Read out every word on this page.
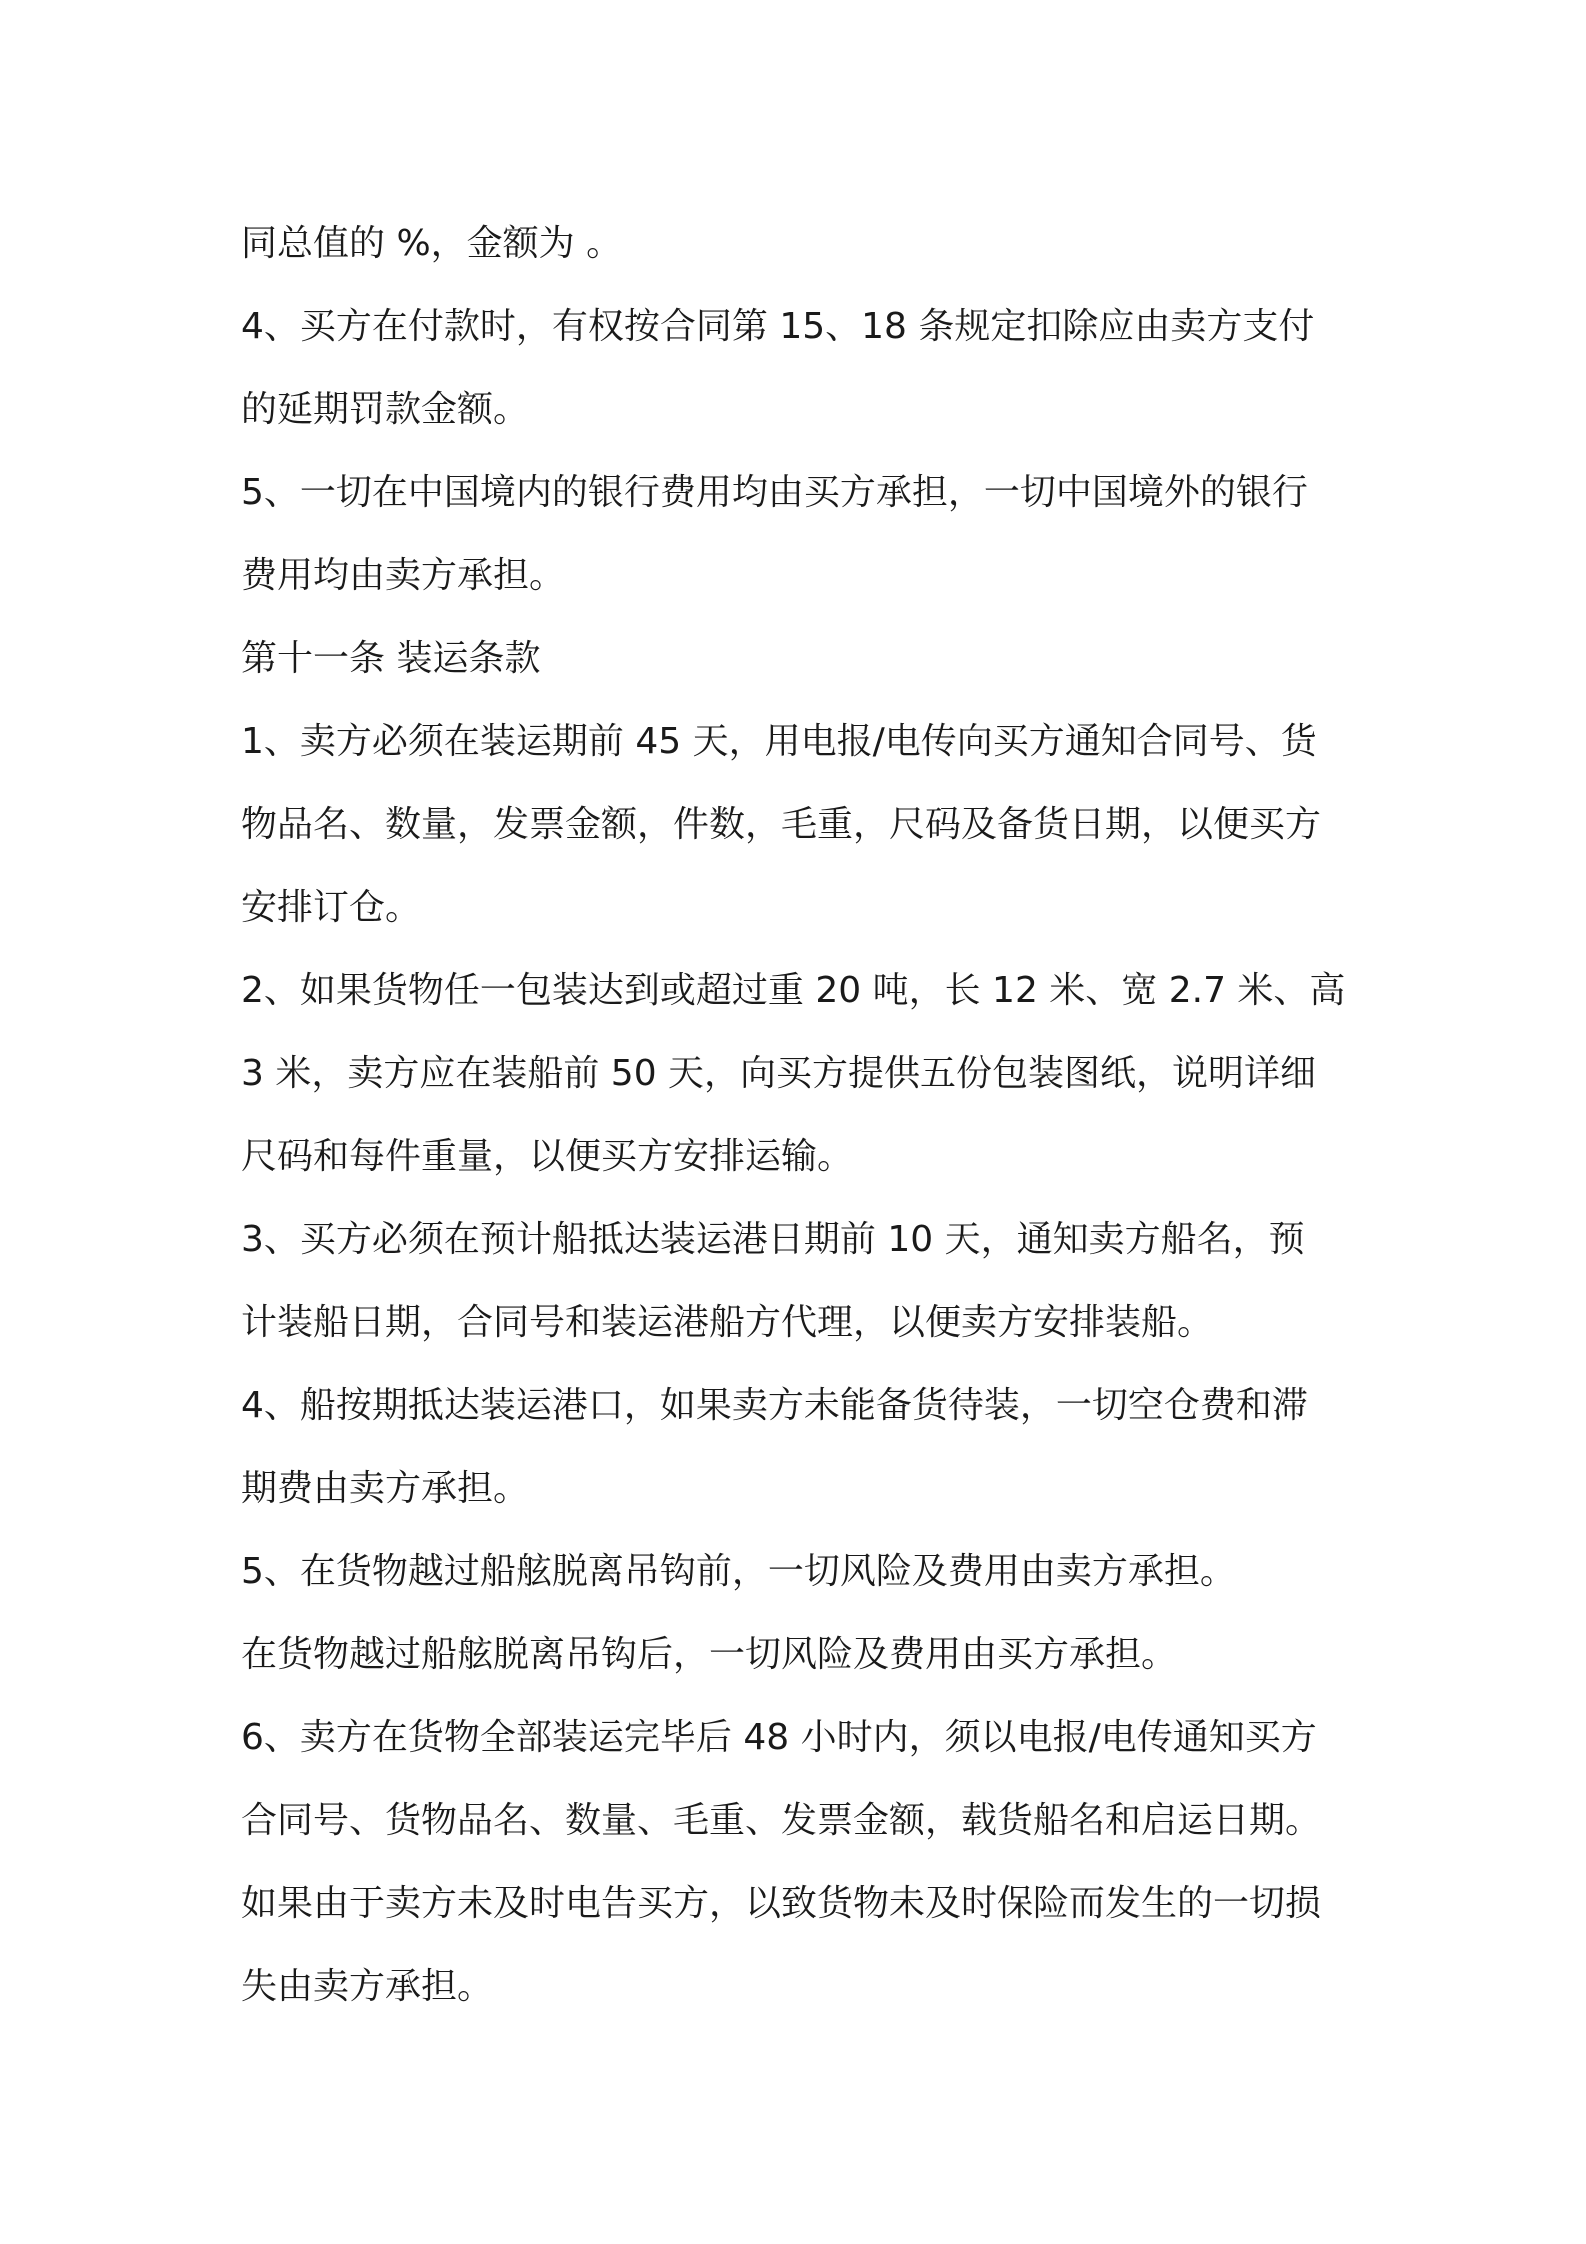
同总值的 %，金额为 。
4、买方在付款时，有权按合同第 15、18 条规定扣除应由卖方支付
的延期罚款金额。
5、一切在中国境内的银行费用均由买方承担，一切中国境外的银行
费用均由卖方承担。
第十一条 装运条款
1、卖方必须在装运期前 45 天，用电报/电传向买方通知合同号、货
物品名、数量，发票金额，件数，毛重，尺码及备货日期，以便买方
安排订仓。
2、如果货物任一包装达到或超过重 20 吨，长 12 米、宽 2.7 米、高
3 米，卖方应在装船前 50 天，向买方提供五份包装图纸，说明详细
尺码和每件重量，以便买方安排运输。
3、买方必须在预计船抵达装运港日期前 10 天，通知卖方船名，预
计装船日期，合同号和装运港船方代理，以便卖方安排装船。
4、船按期抵达装运港口，如果卖方未能备货待装，一切空仓费和滞
期费由卖方承担。
5、在货物越过船舷脱离吊钩前，一切风险及费用由卖方承担。
在货物越过船舷脱离吊钩后，一切风险及费用由买方承担。
6、卖方在货物全部装运完毕后 48 小时内，须以电报/电传通知买方
合同号、货物品名、数量、毛重、发票金额，载货船名和启运日期。
如果由于卖方未及时电告买方，以致货物未及时保险而发生的一切损
失由卖方承担。
